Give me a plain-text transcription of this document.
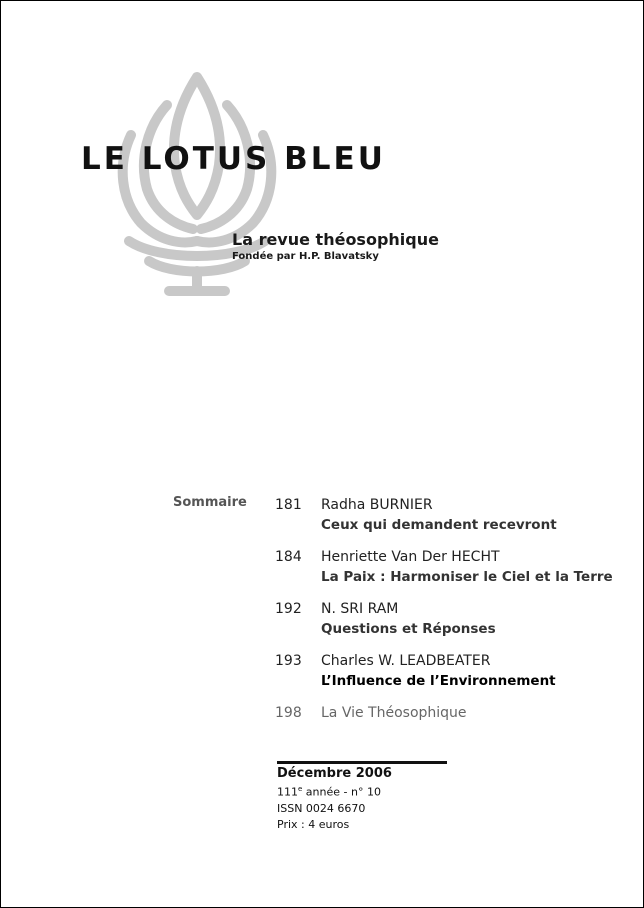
LE LOTUS BLEU
La revue théosophique
Fondée par H.P. Blavatsky
Sommaire 181 Radha BURNIER
Ceux qui demandent recevront
184 Henriette Van Der HECHT
La Paix : Harmoniser le Ciel et la Terre
192 N. SRI RAM
Questions et Réponses
193 Charles W. LEADBEATER
L’Influence de l’Environnement
198 La Vie Théosophique
Décembre 2006
111e année - n° 10
ISSN 0024 6670
Prix : 4 euros
